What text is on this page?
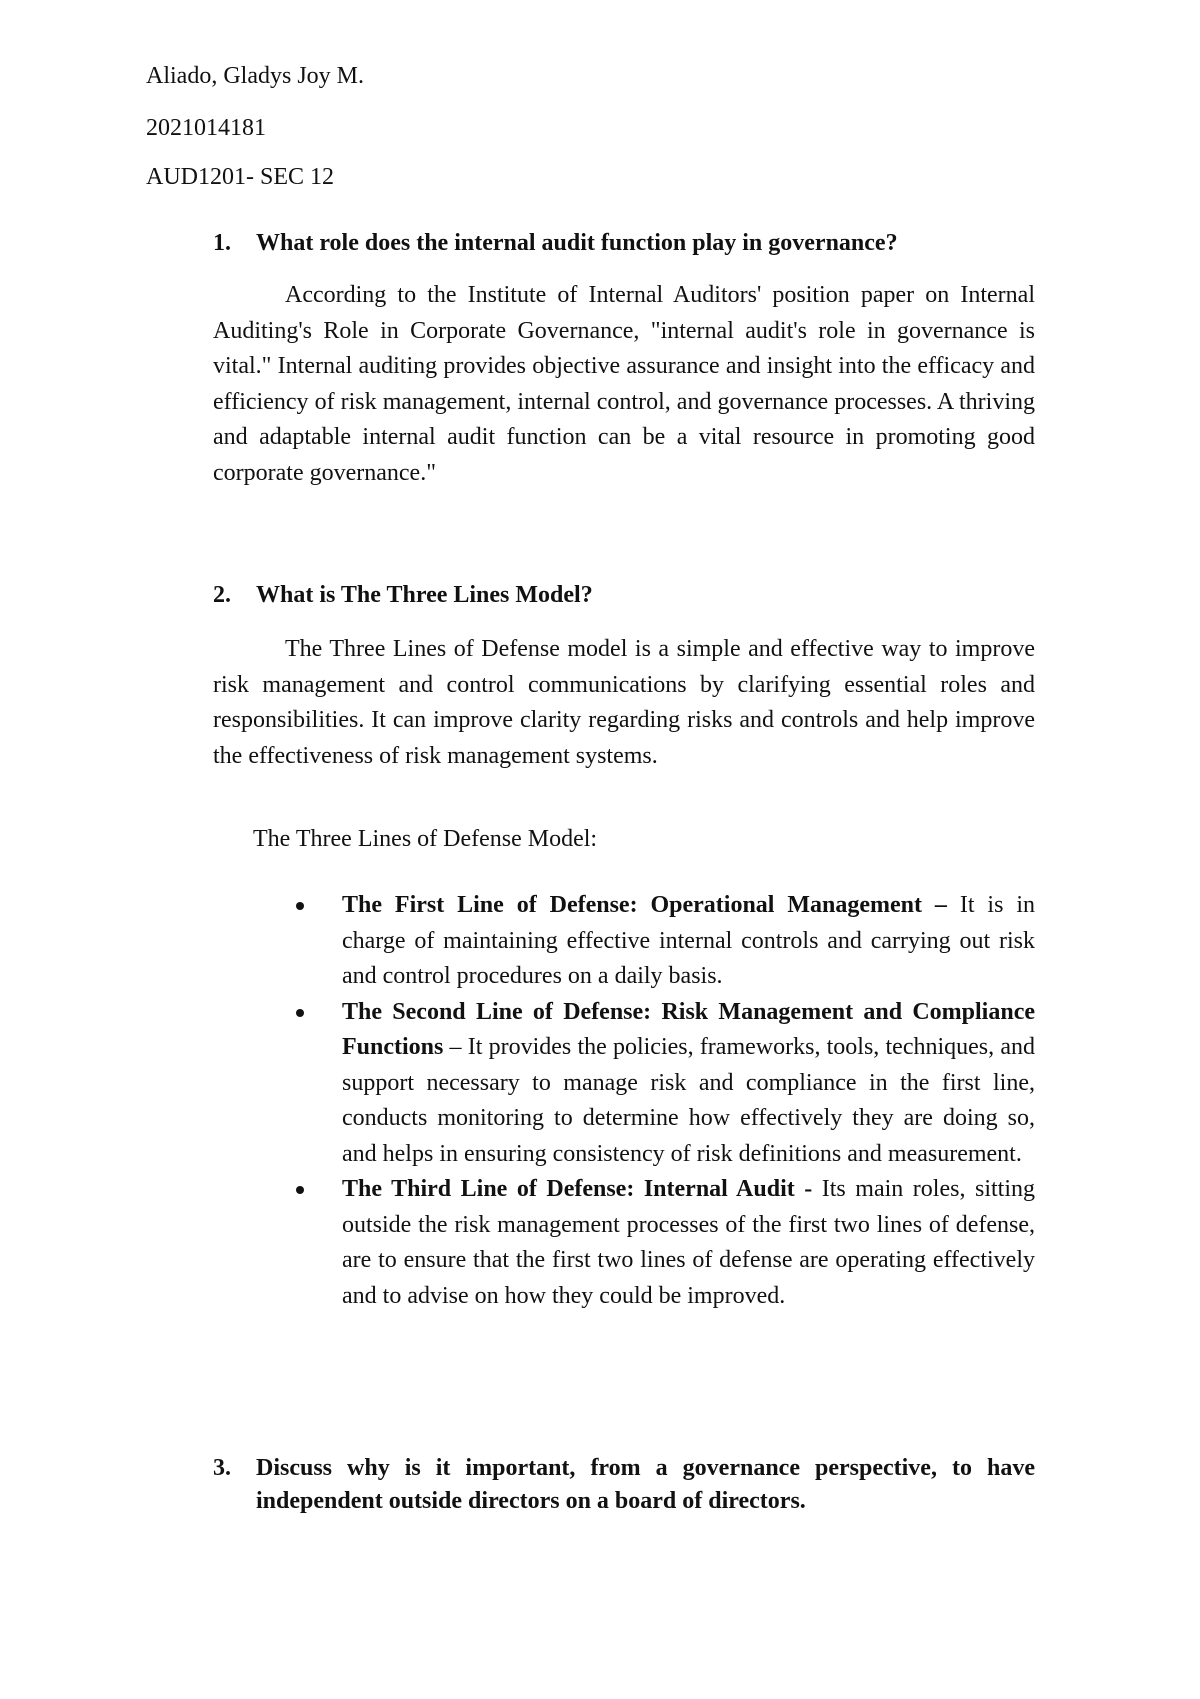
Aliado, Gladys Joy M.
2021014181
AUD1201- SEC 12
1. What role does the internal audit function play in governance?

According to the Institute of Internal Auditors' position paper on Internal Auditing's Role in Corporate Governance, "internal audit's role in governance is vital." Internal auditing provides objective assurance and insight into the efficacy and efficiency of risk management, internal control, and governance processes. A thriving and adaptable internal audit function can be a vital resource in promoting good corporate governance."

2. What is The Three Lines Model?

The Three Lines of Defense model is a simple and effective way to improve risk management and control communications by clarifying essential roles and responsibilities. It can improve clarity regarding risks and controls and help improve the effectiveness of risk management systems.

The Three Lines of Defense Model:
The First Line of Defense: Operational Management – It is in charge of maintaining effective internal controls and carrying out risk and control procedures on a daily basis.
The Second Line of Defense: Risk Management and Compliance Functions – It provides the policies, frameworks, tools, techniques, and support necessary to manage risk and compliance in the first line, conducts monitoring to determine how effectively they are doing so, and helps in ensuring consistency of risk definitions and measurement.
The Third Line of Defense: Internal Audit - Its main roles, sitting outside the risk management processes of the first two lines of defense, are to ensure that the first two lines of defense are operating effectively and to advise on how they could be improved.
3. Discuss why is it important, from a governance perspective, to have independent outside directors on a board of directors.
